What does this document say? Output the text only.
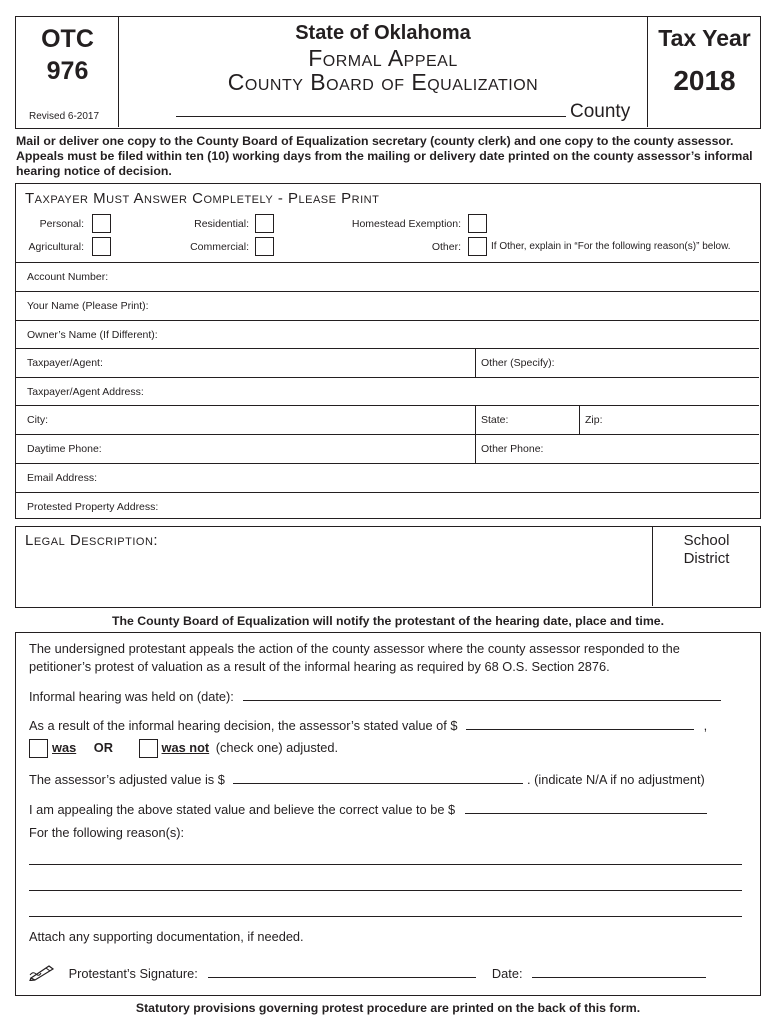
OTC
976
Revised 6-2017
State of Oklahoma
Formal Appeal
County Board of Equalization
County
Tax Year
2018
Mail or deliver one copy to the County Board of Equalization secretary (county clerk) and one copy to the county assessor. Appeals must be filed within ten (10) working days from the mailing or delivery date printed on the county assessor’s informal hearing notice of decision.
Taxpayer Must Answer Completely - Please Print
Personal:	Residential:	Homestead Exemption:
Agricultural:	Commercial:	Other:	If Other, explain in “For the following reason(s)” below.
Account Number:
Your Name (Please Print):
Owner’s Name (If Different):
Taxpayer/Agent:	Other (Specify):
Taxpayer/Agent Address:
City:	State:	Zip:
Daytime Phone:	Other Phone:
Email Address:
Protested Property Address:
Legal Description:	School
District
The County Board of Equalization will notify the protestant of the hearing date, place and time.
The undersigned protestant appeals the action of the county assessor where the county assessor responded to the
petitioner’s protest of valuation as a result of the informal hearing as required by 68 O.S. Section 2876.
Informal hearing was held on (date):
As a result of the informal hearing decision, the assessor’s stated value of $	,
was OR	was not (check one) adjusted.
The assessor’s adjusted value is $	. (indicate N/A if no adjustment)
I am appealing the above stated value and believe the correct value to be $
For the following reason(s):
Attach any supporting documentation, if needed.
Protestant’s Signature:	Date:
Statutory provisions governing protest procedure are printed on the back of this form.
